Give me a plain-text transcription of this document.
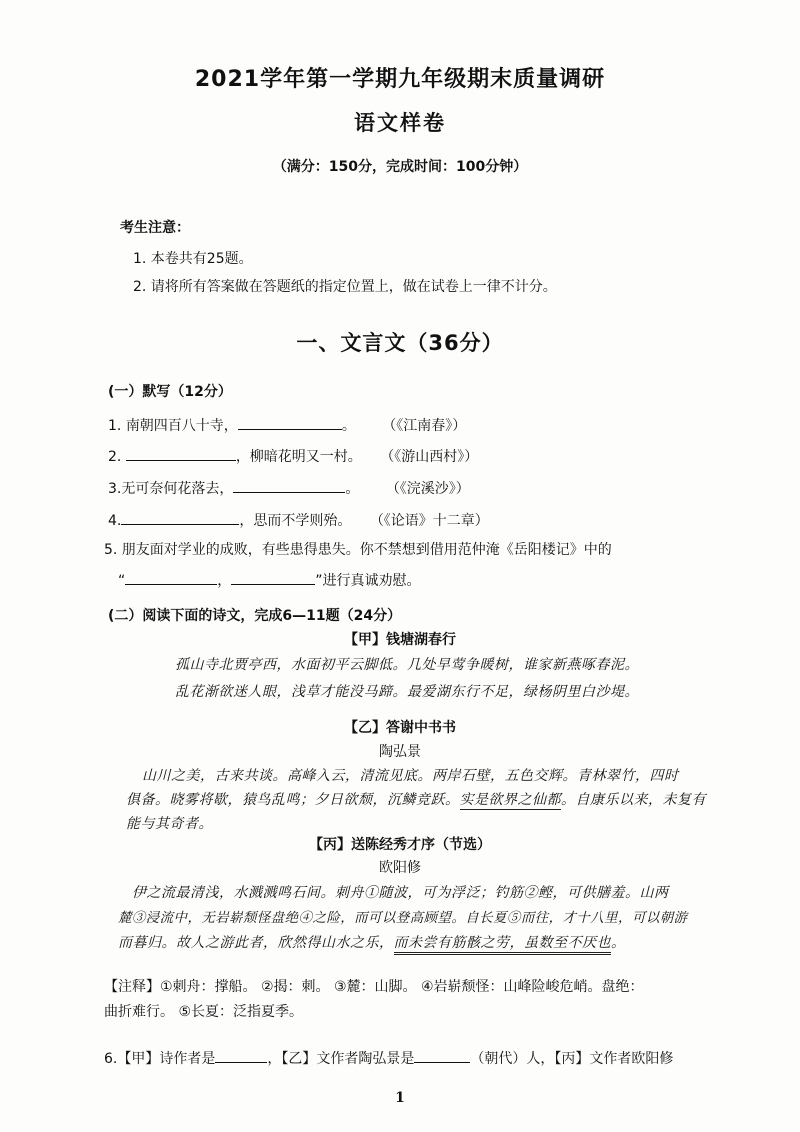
2021学年第一学期九年级期末质量调研
语文样卷
（满分：150分，完成时间：100分钟）
考生注意：
1. 本卷共有25题。
2. 请将所有答案做在答题纸的指定位置上，做在试卷上一律不计分。
一、文言文（36分）
(一）默写（12分）
1. 南朝四百八十寺，	。 （《江南春》）
2.	，柳暗花明又一村。 （《游山西村》）
3.无可奈何花落去，	。 （《浣溪沙》）
4.	，思而不学则殆。 （《论语》十二章）
5. 朋友面对学业的成败，有些患得患失。你不禁想到借用范仲淹《岳阳楼记》中的
“	，	”进行真诚劝慰。
(二）阅读下面的诗文，完成6—11题（24分）
【甲】钱塘湖春行
孤山寺北贾亭西，水面初平云脚低。几处早莺争暖树，谁家新燕啄春泥。
乱花渐欲迷人眼，浅草才能没马蹄。最爱湖东行不足，绿杨阴里白沙堤。
【乙】答谢中书书
陶弘景
山川之美，古来共谈。高峰入云，清流见底。两岸石壁，五色交辉。青林翠竹，四时
俱备。晓雾将歇，猿鸟乱鸣；夕日欲颓，沉鳞竞跃。实是欲界之仙都。自康乐以来，未复有
能与其奇者。
【丙】送陈经秀才序（节选）
欧阳修
伊之流最清浅，水溅溅鸣石间。刺舟①随波，可为浮泛；钓筋②鲣，可供膳羞。山两
麓③浸流中，无岩崭颓怪盘绝④之险，而可以登高顾望。自长夏⑤而往，才十八里，可以朝游
而暮归。故人之游此者，欣然得山水之乐，而未尝有筋骸之劳，虽数至不厌也。
【注释】①刺舟：撑船。 ②揭：刺。 ③麓：山脚。 ④岩崭颓怪：山峰险峻危峭。盘绝：
曲折难行。 ⑤长夏：泛指夏季。
6.【甲】诗作者是	，【乙】文作者陶弘景是	（朝代）人，【丙】文作者欧阳修
1
